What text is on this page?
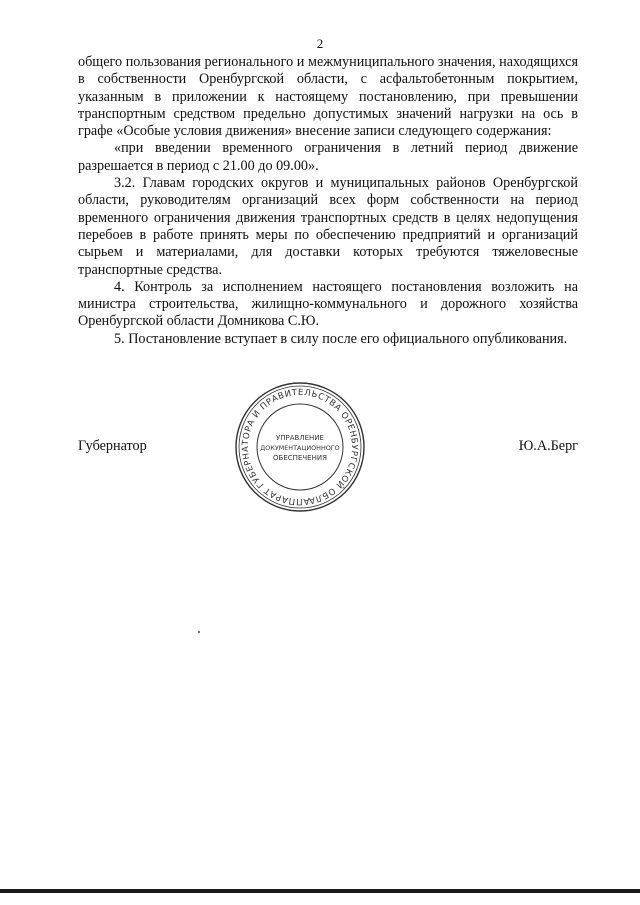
2

общего пользования регионального и межмуниципального значения, находящихся в собственности Оренбургской области, с асфальтобетонным покрытием, указанным в приложении к настоящему постановлению, при превышении транспортным средством предельно допустимых значений нагрузки на ось в графе «Особые условия движения» внесение записи следующего содержания:

«при введении временного ограничения в летний период движение разрешается в период с 21.00 до 09.00».

3.2. Главам городских округов и муниципальных районов Оренбургской области, руководителям организаций всех форм собственности на период временного ограничения движения транспортных средств в целях недопущения перебоев в работе принять меры по обеспечению предприятий и организаций сырьем и материалами, для доставки которых требуются тяжеловесные транспортные средства.

4. Контроль за исполнением настоящего постановления возложить на министра строительства, жилищно-коммунального и дорожного хозяйства Оренбургской области Домникова С.Ю.

5. Постановление вступает в силу после его официального опубликования.

Губернатор	Ю.А.Берг
АППАРАТ ГУБЕРНАТОРА И ПРАВИТЕЛЬСТВА ОРЕНБУРГСКОЙ ОБЛАСТИ
УПРАВЛЕНИЕ
ДОКУМЕНТАЦИОННОГО
ОБЕСПЕЧЕНИЯ
